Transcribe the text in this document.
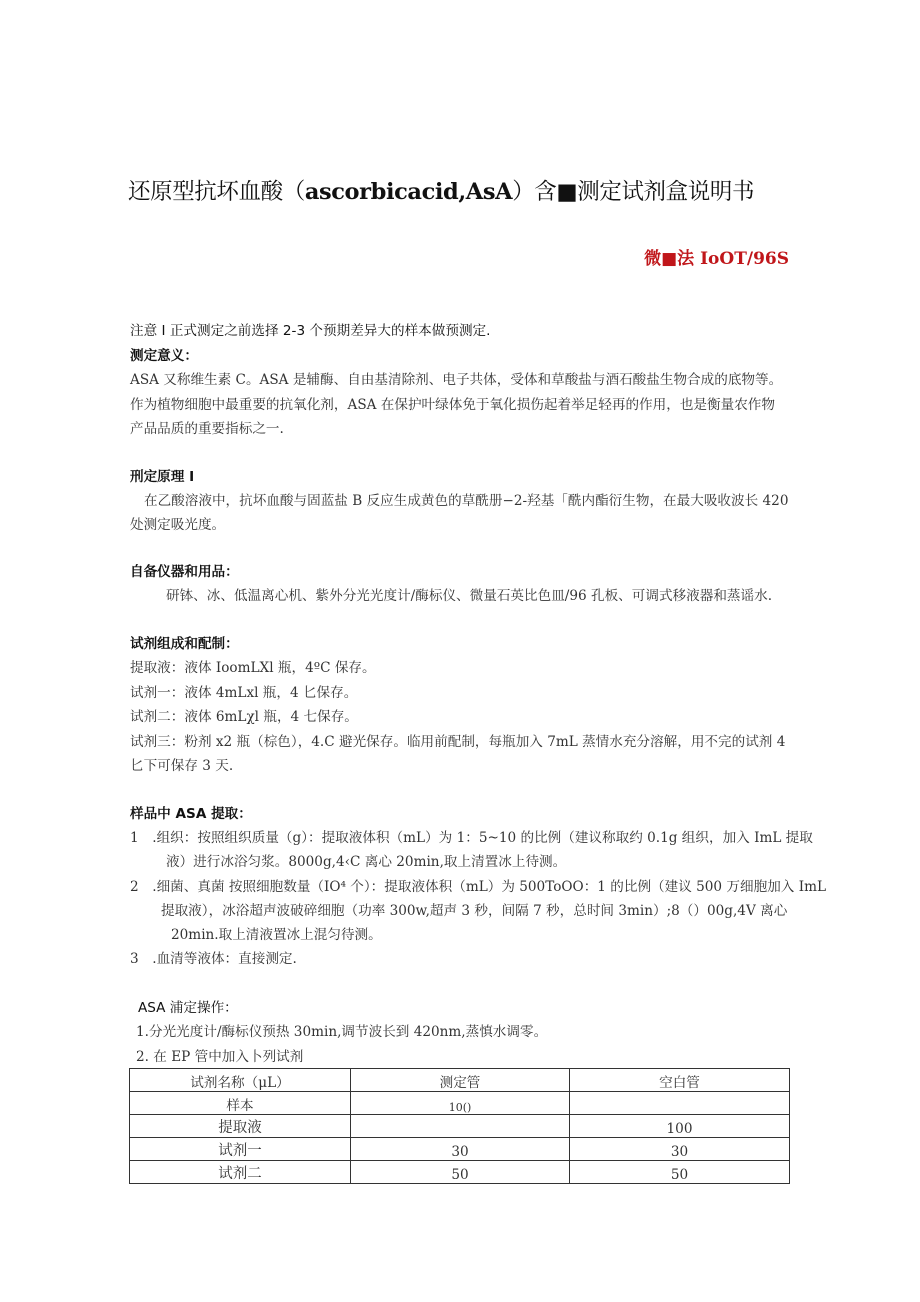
还原型抗坏血酸（ascorbicacid,AsA）含■测定试剂盒说明书
微■法 IoOT/96S
注意 I 正式测定之前选择 2-3 个预期差异大的样本做预测定.
测定意义：
ASA 又称维生素 C。ASA 是辅酶、自由基清除剂、电子共体，受体和草酸盐与酒石酸盐生物合成的底物等。
作为植物细胞中最重要的抗氧化剂，ASA 在保护叶绿体免于氧化损伤起着举足轻再的作用，也是衡量农作物
产品品质的重要指标之一.
刑定原理 I
在乙酸溶液中，抗坏血酸与固蓝盐 B 反应生成黄色的草酰册−2-羟基「酰内酯衍生物，在最大吸收波长 420
处测定吸光度。
自备仪器和用品：
研钵、冰、低温离心机、紫外分光光度计/酶标仪、微量石英比色皿/96 孔板、可调式移液器和蒸谣水.
试剂组成和配制：
提取液：液体 IoomLXl 瓶，4ºC 保存。
试剂一：液体 4mLxl 瓶，4 匕保存。
试剂二：液体 6mLχl 瓶，4 七保存。
试剂三：粉剂 x2 瓶（棕色），4.C 避光保存。临用前配制，每瓶加入 7mL 蒸情水充分溶解，用不完的试剂 4
匕下可保存 3 天.
样品中 ASA 提取：
1　.组织：按照组织质量（g）：提取液体积（mL）为 1：5~10 的比例（建议称取约 0.1g 组织，加入 ImL 提取
液）进行冰浴匀浆。8000g,4‹C 离心 20min,取上清置冰上待测。
2　.细菌、真菌 按照细胞数量（IO⁴ 个）：提取液体积（mL）为 500ToOO：1 的比例（建议 500 万细胞加入 ImL
提取液），冰浴超声波破碎细胞（功率 300w,超声 3 秒，间隔 7 秒，总时间 3min）;8（）00g,4V 离心
20min.取上清液置冰上混匀待测。
3　.血清等液体：直接测定.
ASA 浦定操作：
1.分光光度计/酶标仪预热 30min,调节波长到 420nm,蒸慎水调零。
2. 在 EP 管中加入卜列试剂
试剂名称（μL）	测定管	空白管
样本	10()	
提取液		100
试剂一	30	30
试剂二	50	50
